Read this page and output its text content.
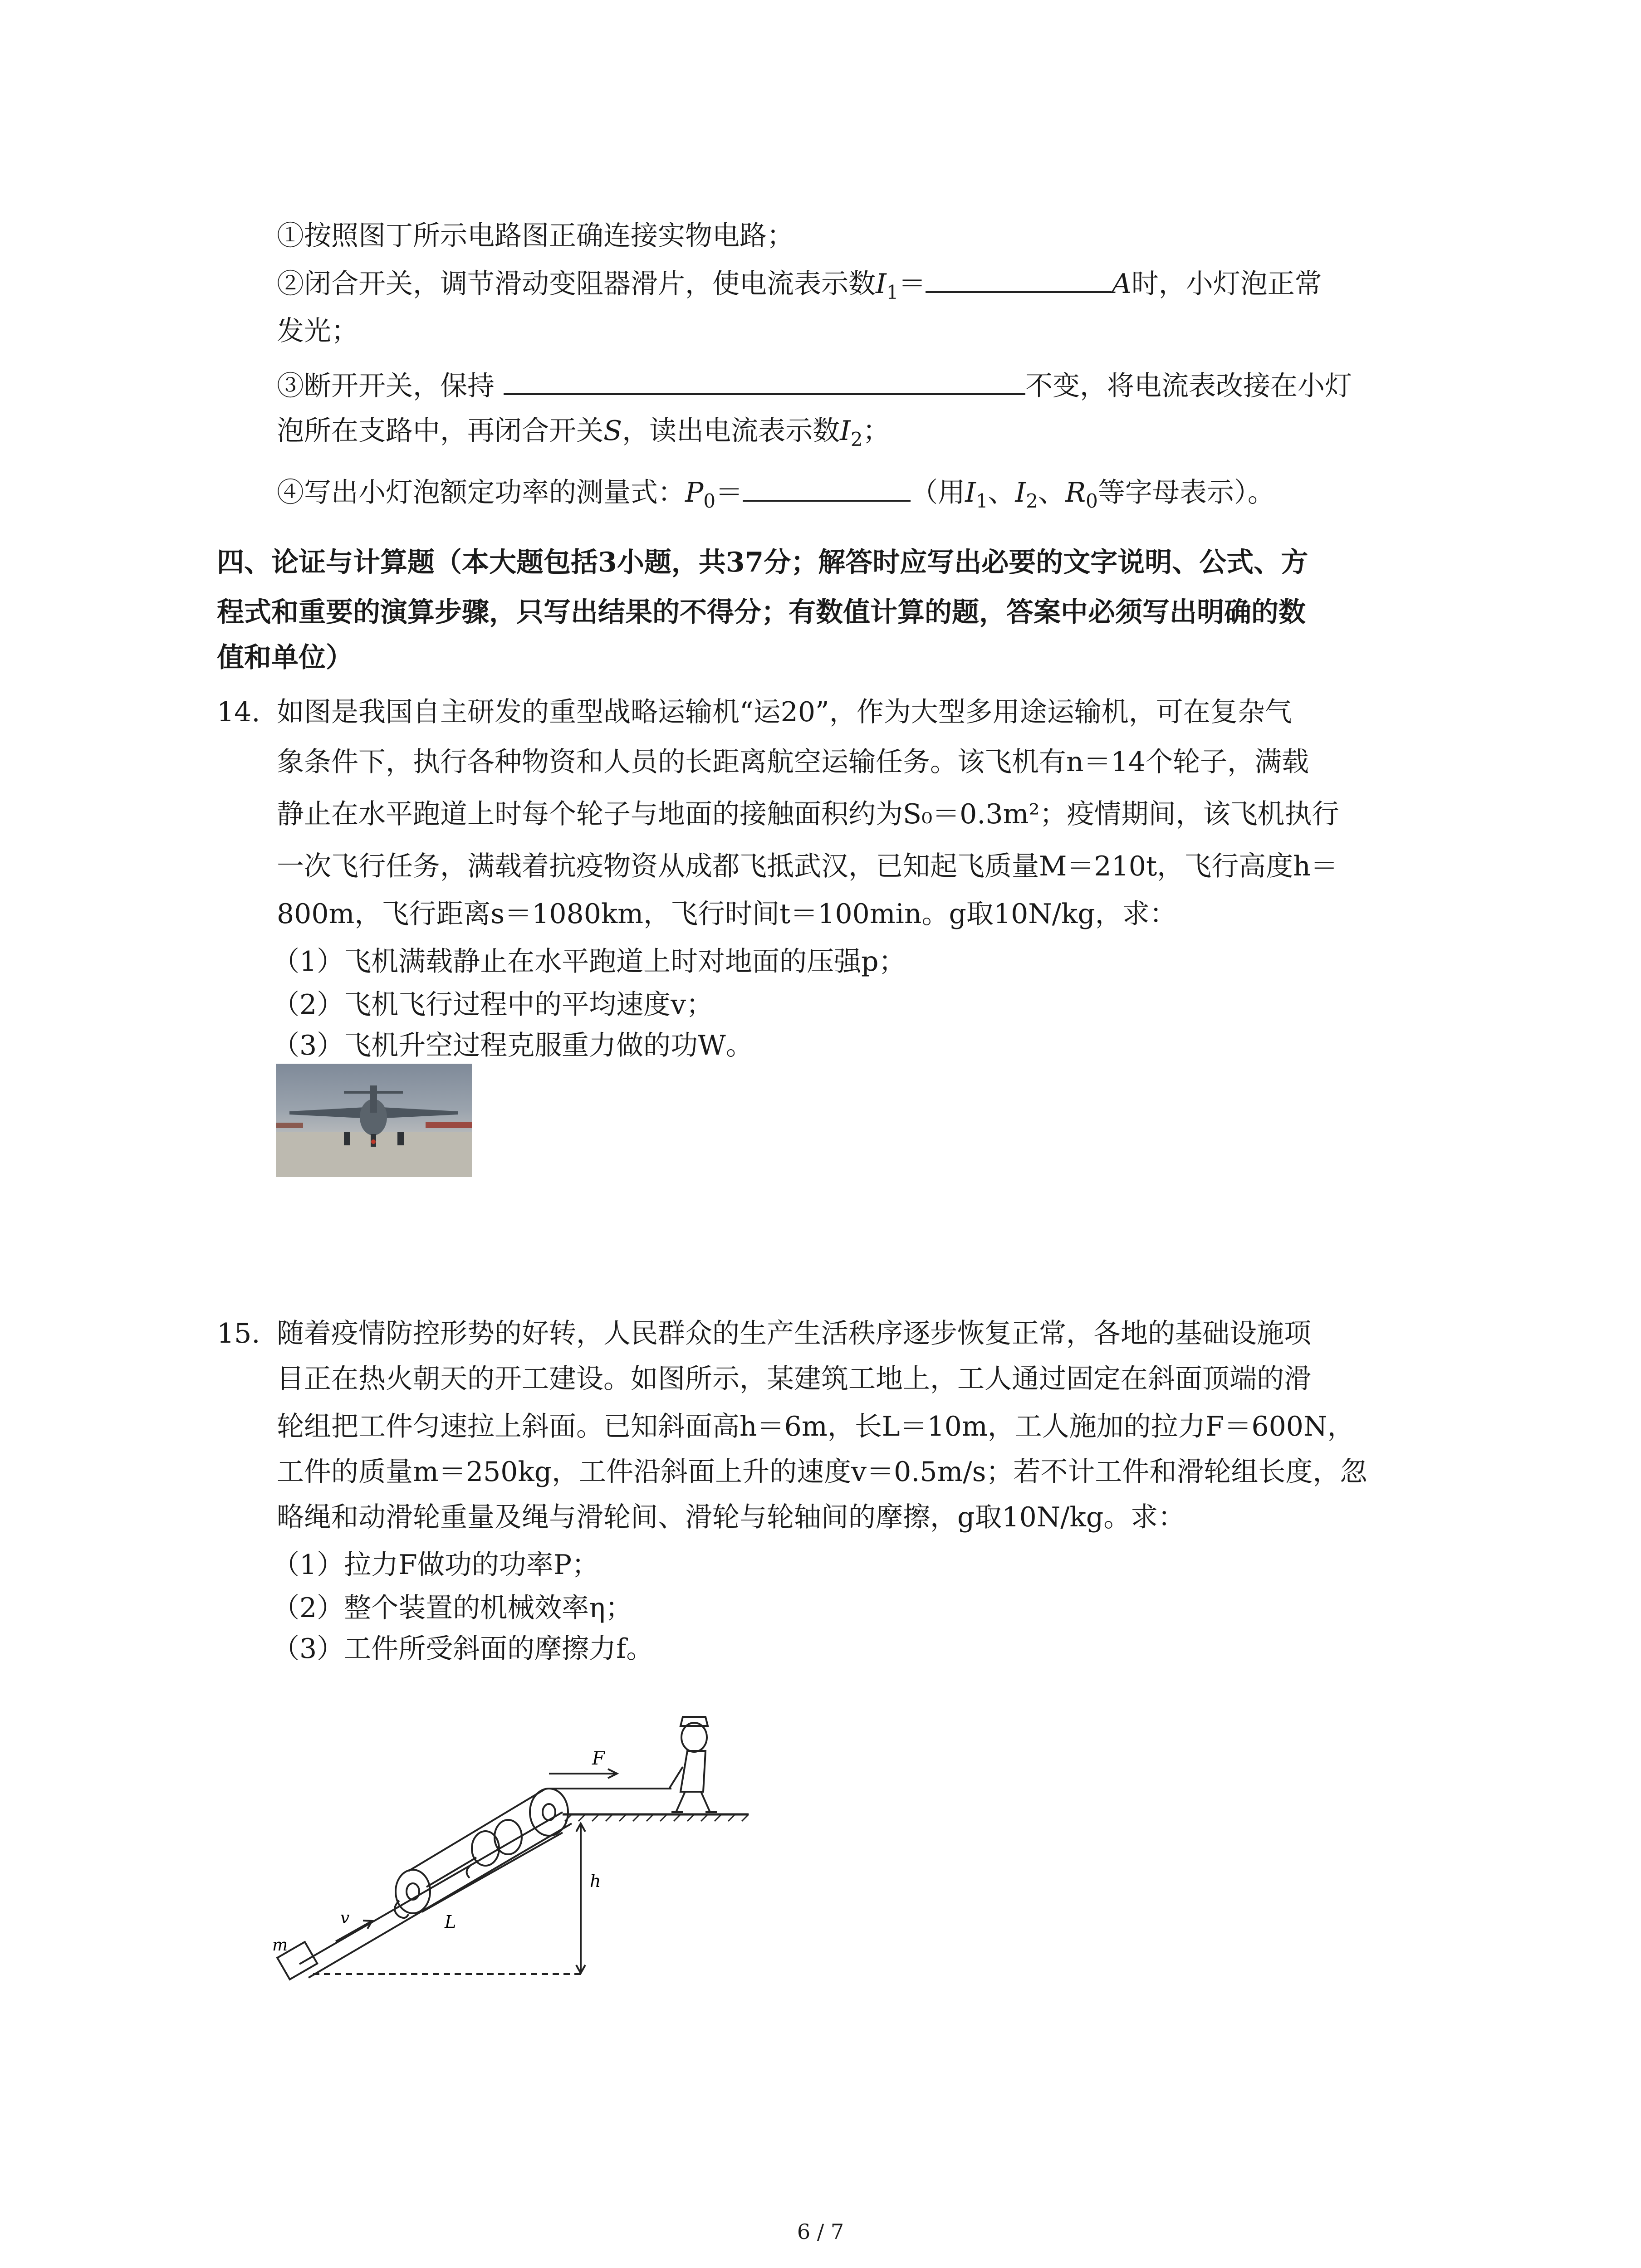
①按照图丁所示电路图正确连接实物电路；
②闭合开关，调节滑动变阻器滑片，使电流表示数$I_1=$	A时，小灯泡正常
发光；
③断开开关，保持	不变，将电流表改接在小灯
泡所在支路中，再闭合开关S，读出电流表示数$I_2$；
④写出小灯泡额定功率的测量式：$P_0=$	（用$I_1$、$I_2$、$R_0$等字母表示）。
四、论证与计算题（本大题包括3小题，共37分；解答时应写出必要的文字说明、公式、方
程式和重要的演算步骤，只写出结果的不得分；有数值计算的题，答案中必须写出明确的数
值和单位）
14. 如图是我国自主研发的重型战略运输机“运20”，作为大型多用途运输机，可在复杂气
象条件下，执行各种物资和人员的长距离航空运输任务。该飞机有n＝14个轮子，满载
静止在水平跑道上时每个轮子与地面的接触面积约为S₀＝0.3m²；疫情期间，该飞机执行
一次飞行任务，满载着抗疫物资从成都飞抵武汉，已知起飞质量M＝210t，飞行高度h＝
800m，飞行距离s＝1080km，飞行时间t＝100min。g取10N/kg，求：
（1）飞机满载静止在水平跑道上时对地面的压强p；
（2）飞机飞行过程中的平均速度v；
（3）飞机升空过程克服重力做的功W。
15. 随着疫情防控形势的好转，人民群众的生产生活秩序逐步恢复正常，各地的基础设施项
目正在热火朝天的开工建设。如图所示，某建筑工地上，工人通过固定在斜面顶端的滑
轮组把工件匀速拉上斜面。已知斜面高h＝6m，长L＝10m，工人施加的拉力F＝600N，
工件的质量m＝250kg，工件沿斜面上升的速度v＝0.5m/s；若不计工件和滑轮组长度，忽
略绳和动滑轮重量及绳与滑轮间、滑轮与轮轴间的摩擦，g取10N/kg。求：
（1）拉力F做功的功率P；
（2）整个装置的机械效率η；
（3）工件所受斜面的摩擦力f。
F
v
m
L
h
6 / 7
